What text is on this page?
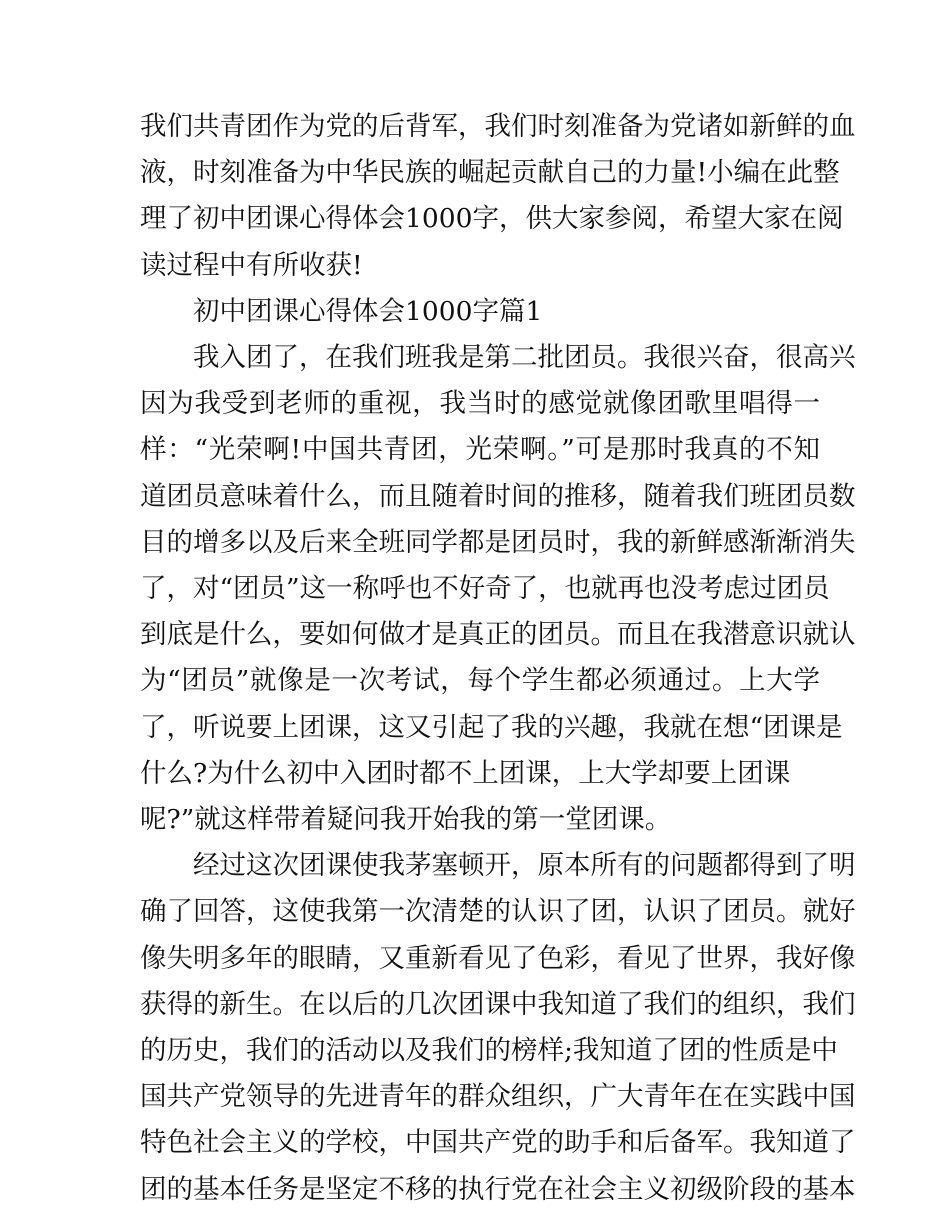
我们共青团作为党的后背军，我们时刻准备为党诸如新鲜的血
液，时刻准备为中华民族的崛起贡献自己的力量!小编在此整
理了初中团课心得体会1000字，供大家参阅，希望大家在阅
读过程中有所收获!
初中团课心得体会1000字篇1
我入团了，在我们班我是第二批团员。我很兴奋，很高兴
因为我受到老师的重视，我当时的感觉就像团歌里唱得一
样：“光荣啊!中国共青团，光荣啊。”可是那时我真的不知
道团员意味着什么，而且随着时间的推移，随着我们班团员数
目的增多以及后来全班同学都是团员时，我的新鲜感渐渐消失
了，对“团员”这一称呼也不好奇了，也就再也没考虑过团员
到底是什么，要如何做才是真正的团员。而且在我潜意识就认
为“团员”就像是一次考试，每个学生都必须通过。上大学
了，听说要上团课，这又引起了我的兴趣，我就在想“团课是
什么?为什么初中入团时都不上团课，上大学却要上团课
呢?”就这样带着疑问我开始我的第一堂团课。
经过这次团课使我茅塞顿开，原本所有的问题都得到了明
确了回答，这使我第一次清楚的认识了团，认识了团员。就好
像失明多年的眼睛，又重新看见了色彩，看见了世界，我好像
获得的新生。在以后的几次团课中我知道了我们的组织，我们
的历史，我们的活动以及我们的榜样;我知道了团的性质是中
国共产党领导的先进青年的群众组织，广大青年在在实践中国
特色社会主义的学校，中国共产党的助手和后备军。我知道了
团的基本任务是坚定不移的执行党在社会主义初级阶段的基本
